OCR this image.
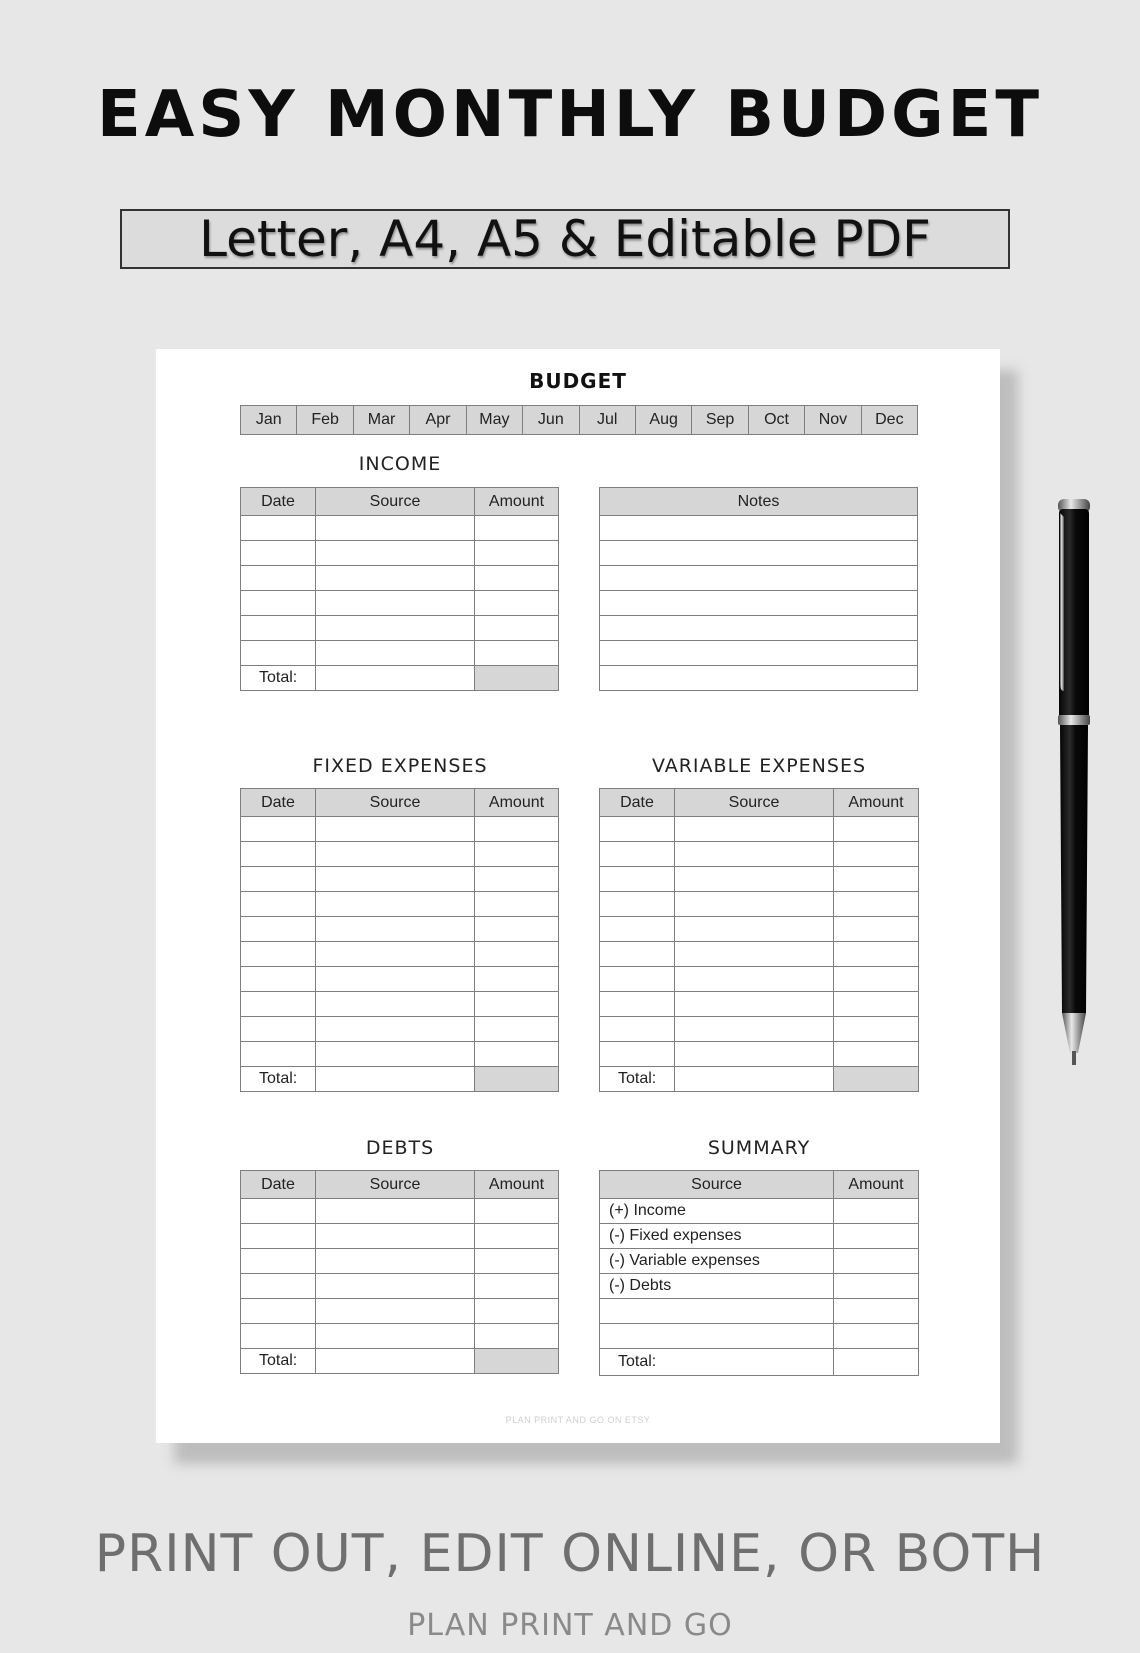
EASY MONTHLY BUDGET
Letter, A4, A5 & Editable PDF
BUDGET
Jan	Feb	Mar	Apr	May	Jun	Jul	Aug	Sep	Oct	Nov	Dec
INCOME
Date	Source	Amount

Total:		
Notes

FIXED EXPENSES
Date	Source	Amount

Total:		
VARIABLE EXPENSES
Date	Source	Amount

Total:		
DEBTS
Date	Source	Amount

Total:		
SUMMARY
Source	Amount
(+) Income	
(-) Fixed expenses	
(-) Variable expenses	
(-) Debts	

Total:	
PLAN PRINT AND GO ON ETSY
PRINT OUT, EDIT ONLINE, OR BOTH
PLAN PRINT AND GO
